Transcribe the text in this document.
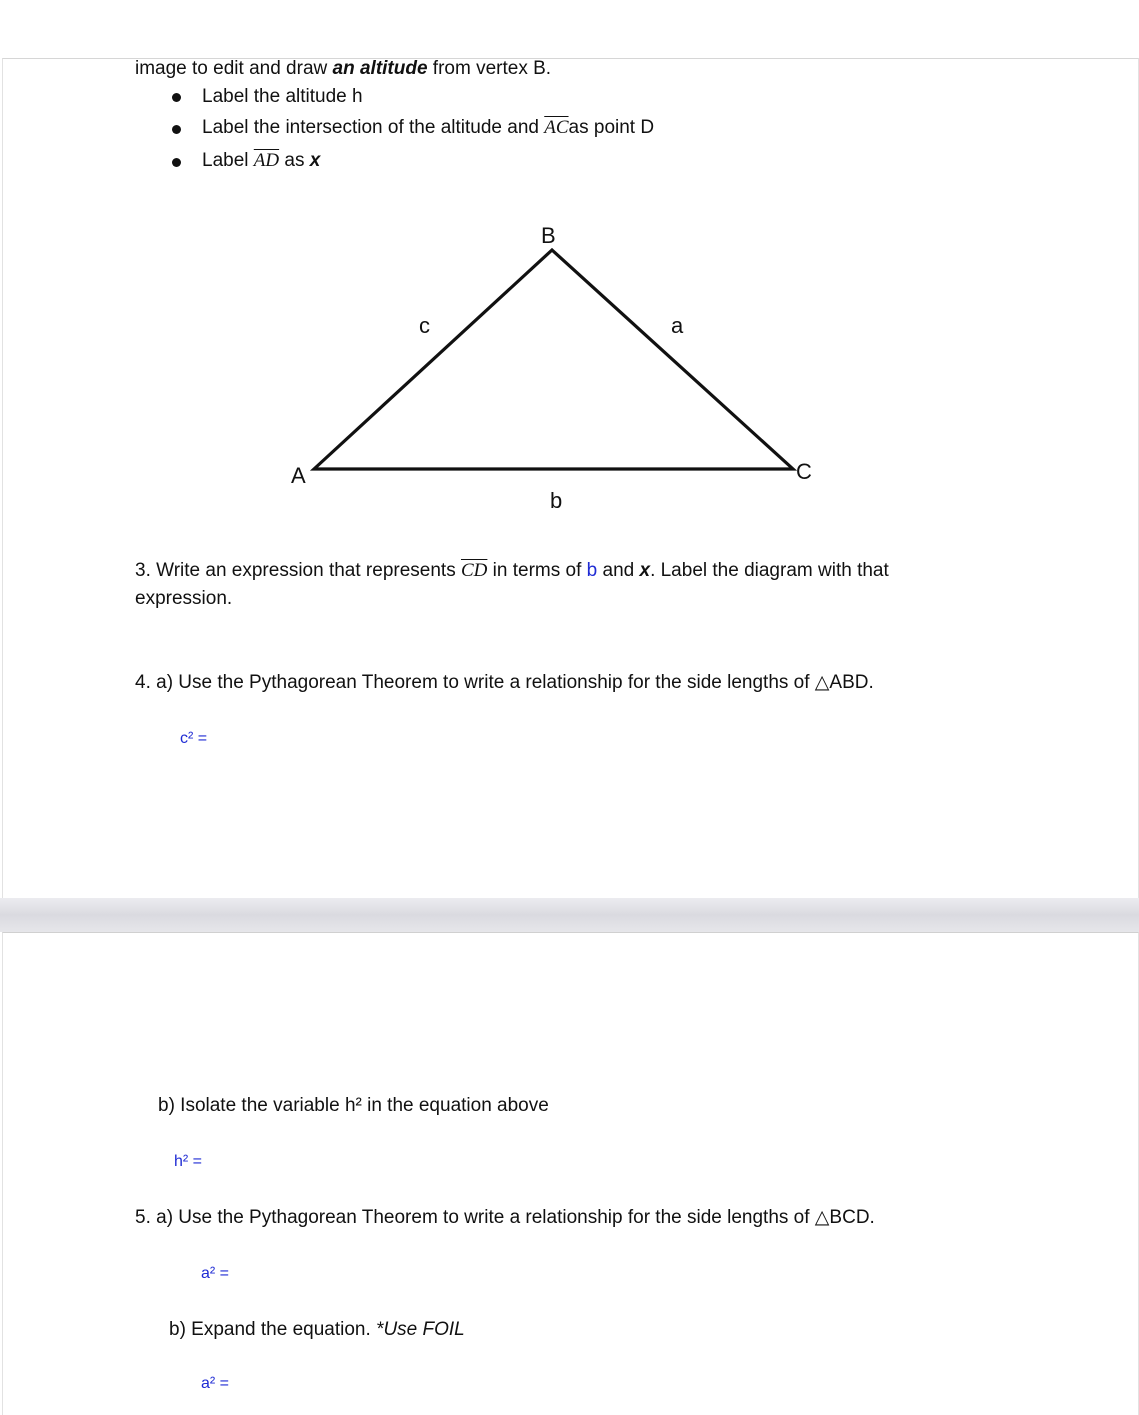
image to edit and draw an altitude from vertex B.
Label the altitude h
Label the intersection of the altitude and $\overline{AC}as$ point D
Label $\overline{AD}$ as x
B
A	C
c	a
b
3. Write an expression that represents $\overline{CD}$ in terms of b and x. Label the diagram with that
expression.
4. a) Use the Pythagorean Theorem to write a relationship for the side lengths of △ABD.
c² =
b) Isolate the variable h² in the equation above
h² =
5. a) Use the Pythagorean Theorem to write a relationship for the side lengths of △BCD.
a² =
b) Expand the equation. *Use FOIL
a² =
